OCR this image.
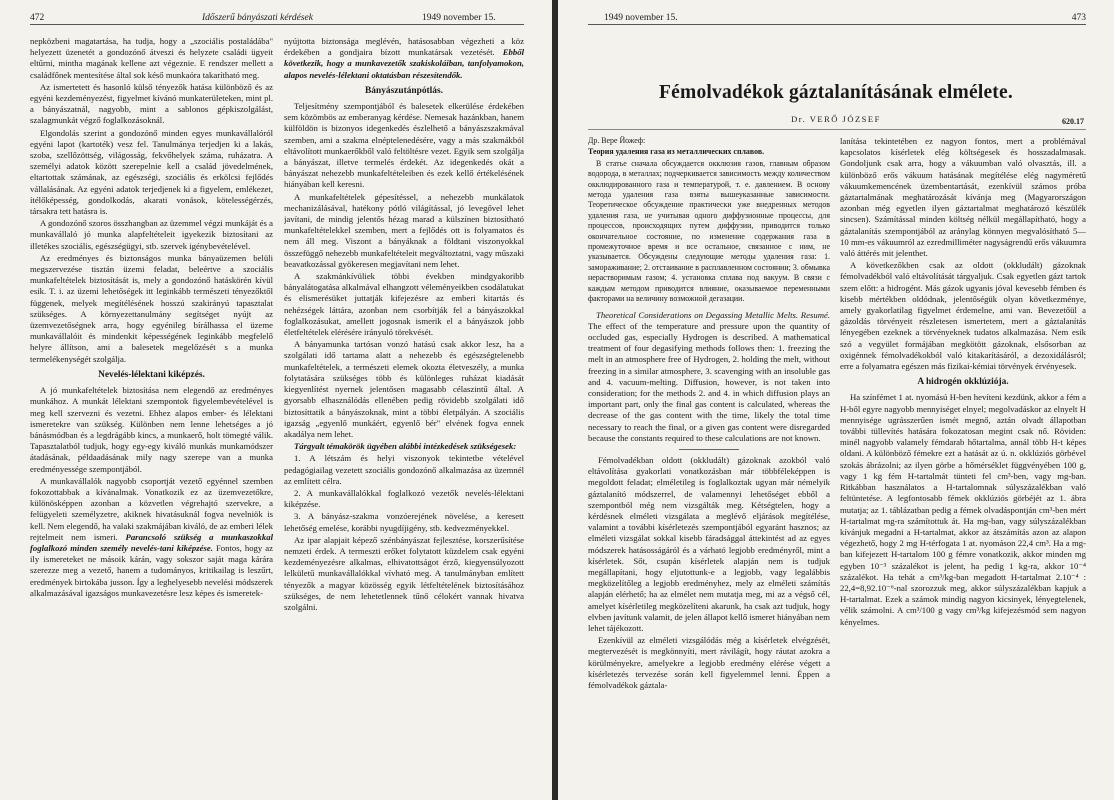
472	Időszerű bányászati kérdések	1949 november 15.

nepközbeni magatartása, ha tudja, hogy a „szociális postaládába" helyezett üzenetét a gondozónő átveszi és helyzete családi ügyeit eltűrni, mintha magának kellene azt végeznie. E rendszer mellett a családfőnek mentesítése által sok késő munkaóra takarítható meg.

Az ismertetett és hasonló külső tényezők hatása különböző és az egyéni kezdeményezést, figyelmet kívánó munkaterületeken, mint pl. a bányászatnál, nagyobb, mint a sablonos gépkiszolgálást, szalagmunkát végző foglalkozásoknál.

Elgondolás szerint a gondozónő minden egyes munkavállalóról egyéni lapot (kartoték) vesz fel. Tanulmánya terjedjen ki a lakás, szoba, szellőzöttség, világosság, fekvőhelyek száma, ruházatra. A személyi adatok között szerepelnie kell a család jövedelmének, eltartottak számának, az egészségi, szociális és erkölcsi fejlődés vállalásának. Az egyéni adatok terjedjenek ki a figyelem, emlékezet, ítélőképesség, gondolkodás, akarati vonások, kötelességérzés, társakra tett hatásra is.

A gondozónő szoros összhangban az üzemmel végzi munkáját és a munkavállaló jó munka alapfeltételeit igyekezik biztosítani az illetékes szociális, egészségügyi, stb. szervek igénybevételével.

Az eredményes és biztonságos munka bányaüzemen belüli megszervezése tisztán üzemi feladat, beleértve a szociális munkafeltételek biztosítását is, mely a gondozónő hatáskörén kívül esik. T. i. az üzemi lehetőségek itt leginkább természeti tényezőktől függenek, melyek megítélésének hosszú szakirányú tapasztalat szükséges. A környezettanulmány segítséget nyújt az üzemvezetőségnek arra, hogy egyénileg bírálhassa el üzeme munkavállalóit és mindenkit képességének leginkább megfelelő helyre állítson, ami a balesetek megelőzését s a munka termelékenységét szolgálja.

Nevelés-lélektani kiképzés.

A jó munkafeltételek biztosítása nem elegendő az eredményes munkához. A munkát lélektani szempontok figyelembevételével is meg kell szervezni és vezetni. Ehhez alapos ember- és lélektani ismeretekre van szükség. Különben nem lenne lehetséges a jó bánásmódban és a legdrágább kincs, a munkaerő, holt tömegté válik. Tapasztalatból tudjuk, hogy egy-egy kiváló munkás munkamódszer átadásának, példaadásának mily nagy szerepe van a munka eredményessége szempontjából.

A munkavállalók nagyobb csoportját vezető egyénnel szemben fokozottabbak a kívánalmak. Vonatkozik ez az üzemvezetőkre, különösképpen azonban a közvetlen végrehajtó szervekre, a felügyeleti személyzetre, akiknek hivatásuknál fogva nevelniök is kell. Nem elegendő, ha valaki szakmájában kiváló, de az emberi lélek rejtelmeit nem ismeri. Parancsoló szükség a munkaszokkal foglalkozó minden személy nevelés-tani kiképzése. Fontos, hogy az ily ismereteket ne másoik kárán, vagy sokszor saját maga kárára szerezze meg a vezető, hanem a tudományos, kritikailag is leszűrt, eredmények birtokába jusson. Így a leghelyesebb nevelési módszerek alkalmazásával igazságos munkavezetésre lesz képes és ismeretek-

nyújtotta biztonsága meglévén, hatásosabban végezheti a köz érdekében a gondjaira bízott munkatársak vezetését. Ebből következik, hogy a munkavezetők szakiskoláiban, tanfolyamokon, alapos nevelés-lélektani oktatásban részesítendők.

Bányászutánpótlás.

Teljesítmény szempontjából és balesetek elkerülése érdekében sem közömbös az emberanyag kérdése. Nemesak hazánkban, hanem külföldön is bizonyos idegenkedés észlelhető a bányászszakmával szemben, ami a szakma elnéptelenedésére, vagy a más szakmákból eltávolított munkaerőkből való feltöltésre vezet. Egyik sem szolgálja a bányászat, illetve termelés érdekét. Az idegenkedés okát a bányászat nehezebb munkafeltételeiben és ezek kellő értékelésének hiányában kell keresni.

A munkafeltételek gépesítéssel, a nehezebb munkálatok mechanizálásával, hatékony pótló világítással, jó levegővel lehet javítani, de mindig jelentős hézag marad a külszínen biztosítható munkafeltételekkel szemben, mert a fejlődés ott is folyamatos és nem áll meg. Viszont a bányáknak a földtani viszonyokkal összefüggő nehezebb munkafeltételeit megváltoztatni, vagy műszaki beavatkozással gyökeresen megjavítani nem lehet.

A szakmánkívüliek többi években mindgyakoribb bányalátogatása alkalmával elhangzott véleményeikben csodálatukat és elismerésüket juttatják kifejezésre az emberi kitartás és nehézségek láttára, azonban nem csorbítják fel a bányászokkal foglalkozásukat, amellett jogosnak ismerik el a bányászok jobb életfeltételek elérésére irányuló törekvését.

A bányamunka tartósan vonzó hatású csak akkor lesz, ha a szolgálati idő tartama alatt a nehezebb és egészségtelenebb munkafeltételek, a természeti elemek okozta életveszély, a munka folytatására szükséges több és különleges ruházat kiadását kiegyenlítést nyernek jelentősen magasabb célaszintű által. A gyorsabb elhasználódás ellenében pedig rövidebb szolgálati idő biztosíttatik a bányászoknak, mint a többi életpályán. A szociális igazság „egyenlő munkáért, egyenlő bér" elvének fogva ennek akadálya nem lehet.

Tárgyalt témakörök ügyében alábbi intézkedések szükségesek:

1. A létszám és helyi viszonyok tekintetbe vételével pedagógiailag vezetett szociális gondozónő alkalmazása az üzemnél az említett célra.

2. A munkavállalókkal foglalkozó vezetők nevelés-lélektani kiképzése.

3. A bányász-szakma vonzóerejének növelése, a keresett lehetőség emelése, korábbi nyugdíjigény, stb. kedvezményekkel.

Az ipar alapjait képező szénbányászat fejlesztése, korszerűsítése nemzeti érdek. A termeszti erőket folytatott küzdelem csak egyéni kezdeményezésre alkalmas, elhivatottságot érző, kiegyensúlyozott lelkületű munkavállalókkal vívható meg. A tanulmányban említett tényezők a magyar közösség egyik létfeltételének biztosításához szükséges, de nem lehetetlennek tűnő célokért vannak hivatva szolgálni.

1949 november 15.	473
Fémolvadékok gáztalanításának elmélete.
Dr. VERŐ JÓZSEF	620.17

Др. Вере Йожеф:

Теория удаления газа из металлических сплавов.

В статье сначала обсуждается окклюзия газов, главным образом водорода, в металлах; подчеркивается зависимость между количеством окклюдированного газа и температурой, т. е. давлением. В основу метода удаления газа взяты вышеуказанные зависимости. Теоретическое обсуждение практически уже внедренных методов удаления газа, не учитывая одного диффузионные процессы, для процессов, происходящих путем диффузии, приводится только окончательное состояние, по изменение содержания газа в промежуточное время и все остальное, связанное с ним, не указывается. Обсуждены следующие методы удаления газа: 1. замораживание; 2. отстаивание в расплавленном состоянии; 3. обмывка нерастворимым газом; 4. установка сплава под вакуум. В связи с каждым методом приводится влияние, оказываемое переменными факторами на величину возможной дегазации.

Theoretical Considerations on Degassing Metallic Melts. Resumé. The effect of the temperature and pressure upon the quantity of occluded gas, especially Hydrogen is described. A mathematical treatment of four degasifying methods follows then: 1. freezing the melt in an atmosphere free of Hydrogen, 2. holding the melt, without freezing in a similar atmosphere, 3. scavenging with an insoluble gas and 4. vacuum-melting. Diffusion, however, is not taken into consideration; for the methods 2. and 4. in which diffusion plays an important part, only the final gas content is calculated, whereas the decrease of the gas content with the time, likely the total time necessary to reach the final, or a given gas content were disregarded because the constants required to these calculations are not known.

Fémolvadékban oldott (okkludált) gázoknak azokból való eltávolítása gyakorlati vonatkozásban már többféleképpen is megoldott feladat; elméletileg is foglalkoztak ugyan már némelyik gáztalanító módszerrel, de valamennyi lehetőséget ebből a szempontból még nem vizsgálták meg. Kétségtelen, hogy a kérdésnek elméleti vizsgálata a meglévő eljárások megítélése, valamint a további kísérletezés szempontjából egyaránt hasznos; az elméleti vizsgálat sokkal kisebb fáradsággal áttekintést ad az egyes módszerek hatásosságáról és a várható legjobb eredményről, mint a kísérletek. Sőt, csupán kísérletek alapján nem is tudjuk megállapítani, hogy eljutottunk-e a legjobb, vagy legalábbis megközelítőleg a legjobb eredményhez, mely az elméleti számítás alapján elérhető; ha az elmélet nem mutatja meg, mi az a végső cél, amelyet kísérletileg megközelíteni akarunk, ha csak azt tudjuk, hogy elvben javítunk valamit, de jelen állapot kellő ismeret hiányában nem lehet tájékozott.

Ezenkívül az elméleti vizsgálódás még a kísérletek elvégzését, megtervezését is megkönnyíti, mert rávilágít, hogy ráutat azokra a körülményekre, amelyekre a legjobb eredmény elérése végett a kísérletezés tervezése során kell figyelemmel lenni. Éppen a fémolvadékok gáztala-

lanítása tekintetében ez nagyon fontos, mert a problémával kapcsolatos kísérletek elég költségesek és hosszadalmasak. Gondoljunk csak arra, hogy a vákuumban való olvasztás, ill. a különböző erős vákuum hatásának megítélése elég nagyméretű vákuumkemencének üzembentartását, ezenkívül számos próba gáztartalmának meghatározását kívánja meg (Magyarországon azonban még egyetlen ilyen gáztartalmat meghatározó készülék sincsen). Számítással minden költség nélkül megállapítható, hogy a gáztalanítás szempontjából az aránylag könnyen megvalósítható 5—10 mm-es vákuumról az ezredmilliméter nagyságrendű erős vákuumra való áttérés mit jelenthet.

A következőkben csak az oldott (okkludált) gázoknak fémolvadékból való eltávolítását tárgyaljuk. Csak egyetlen gázt tartok szem előtt: a hidrogént. Más gázok ugyanis jóval kevesebb fémben és kisebb mértékben oldódnak, jelentőségük olyan következménye, amely gyakorlatilag figyelmet érdemelne, ami van. Bevezetőül a gázoldás törvényeit részletesen ismertetem, mert a gáztalanítás lényegében ezeknek a törvényeknek tudatos alkalmazása. Nem esik szó a vegyület formájában megkötött gázoknak, elsősorban az oxigénnek fémolvadékokból való kitakarításáról, a dezoxidálásról; erre a folyamatra egészen más fizikai-kémiai törvények érvényesek.

A hidrogén okklúziója.

Ha színfémet 1 at. nyomású H-ben hevíteni kezdünk, akkor a fém a H-ből egyre nagyobb mennyiséget elnyel; megolvadáskor az elnyelt H mennyisége ugrásszerűen ismét megnő, aztán olvadt állapotban további tüllevítés hatására fokozatosan megint csak nő. Röviden: minél nagyobb valamely fémdarab hőtartalma, annál több H-t képes oldani. A különböző fémekre ezt a hatását az ú. n. okklúziós görbével szokás ábrázolni; az ilyen görbe a hőmérséklet függvényében 100 g, vagy 1 kg fém H-tartalmát tünteti fel cm³-ben, vagy mg-ban. Ritkábban használatos a H-tartalomnak súlyszázalékban való feltüntetése. A legfontosabb fémek okklúziós görbéjét az 1. ábra mutatja; az 1. táblázatban pedig a fémek olvadáspontján cm³-ben mért H-tartalmat mg-ra számítottuk át. Ha mg-ban, vagy súlyszázalékban kívánjuk megadni a H-tartalmat, akkor az átszámítás azon az alapon végezhető, hogy 2 mg H-térfogata 1 at. nyomáson 22,4 cm³. Ha a mg-ban kifejezett H-tartalom 100 g fémre vonatkozik, akkor minden mg egyben 10⁻³ százalékot is jelent, ha pedig 1 kg-ra, akkor 10⁻⁴ százalékot. Ha tehát a cm³/kg-ban megadott H-tartalmat 2.10⁻⁴ : 22,4=8,92.10⁻⁶-nal szorozzuk meg, akkor súlyszázalékban kapjuk a H-tartalmat. Ezek a számok mindig nagyon kicsinyek, lényegtelenek, vélik számolni. A cm³/100 g vagy cm³/kg kifejezésmód sem nagyon kényelmes.
